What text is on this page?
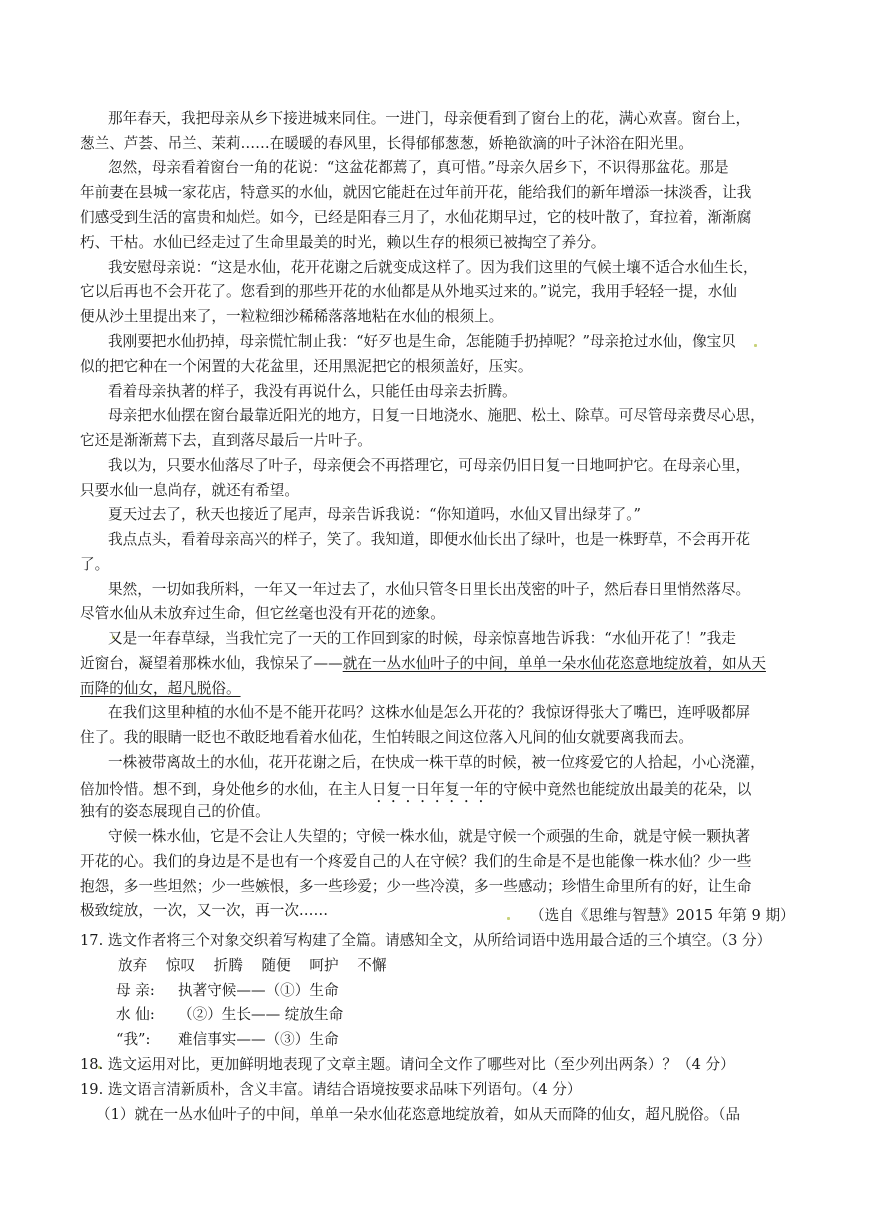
那年春天，我把母亲从乡下接进城来同住。一进门，母亲便看到了窗台上的花，满心欢喜。窗台上，
葱兰、芦荟、吊兰、茉莉……在暖暖的春风里，长得郁郁葱葱，娇艳欲滴的叶子沐浴在阳光里。
忽然，母亲看着窗台一角的花说：“这盆花都蔫了，真可惜。”母亲久居乡下，不识得那盆花。那是
年前妻在县城一家花店，特意买的水仙，就因它能赶在过年前开花，能给我们的新年增添一抹淡香，让我
们感受到生活的富贵和灿烂。如今，已经是阳春三月了，水仙花期早过，它的枝叶散了，耷拉着，渐渐腐
朽、干枯。水仙已经走过了生命里最美的时光，赖以生存的根须已被掏空了养分。
我安慰母亲说：“这是水仙，花开花谢之后就变成这样了。因为我们这里的气候土壤不适合水仙生长，
它以后再也不会开花了。您看到的那些开花的水仙都是从外地买过来的。”说完，我用手轻轻一提，水仙
便从沙土里提出来了，一粒粒细沙稀稀落落地粘在水仙的根须上。
我刚要把水仙扔掉，母亲慌忙制止我：“好歹也是生命，怎能随手扔掉呢？”母亲抢过水仙，像宝贝
似的把它种在一个闲置的大花盆里，还用黑泥把它的根须盖好，压实。
看着母亲执著的样子，我没有再说什么，只能任由母亲去折腾。
母亲把水仙摆在窗台最靠近阳光的地方，日复一日地浇水、施肥、松土、除草。可尽管母亲费尽心思，
它还是渐渐蔫下去，直到落尽最后一片叶子。
我以为，只要水仙落尽了叶子，母亲便会不再搭理它，可母亲仍旧日复一日地呵护它。在母亲心里，
只要水仙一息尚存，就还有希望。
夏天过去了，秋天也接近了尾声，母亲告诉我说：“你知道吗，水仙又冒出绿芽了。”
我点点头，看着母亲高兴的样子，笑了。我知道，即便水仙长出了绿叶，也是一株野草，不会再开花
了。
果然，一切如我所料，一年又一年过去了，水仙只管冬日里长出茂密的叶子，然后春日里悄然落尽。
尽管水仙从未放弃过生命，但它丝毫也没有开花的迹象。
又是一年春草绿，当我忙完了一天的工作回到家的时候，母亲惊喜地告诉我：“水仙开花了！”我走
近窗台，凝望着那株水仙，我惊呆了——就在一丛水仙叶子的中间，单单一朵水仙花恣意地绽放着，如从天
而降的仙女，超凡脱俗。
在我们这里种植的水仙不是不能开花吗？这株水仙是怎么开花的？我惊讶得张大了嘴巴，连呼吸都屏
住了。我的眼睛一眨也不敢眨地看着水仙花，生怕转眼之间这位落入凡间的仙女就要离我而去。
一株被带离故土的水仙，花开花谢之后，在快成一株干草的时候，被一位疼爱它的人拾起，小心浇灌，
倍加怜惜。想不到，身处他乡的水仙，在主人日复一日年复一年的守候中竟然也能绽放出最美的花朵，以
独有的姿态展现自己的价值。
守候一株水仙，它是不会让人失望的；守候一株水仙，就是守候一个顽强的生命，就是守候一颗执著
开花的心。我们的身边是不是也有一个疼爱自己的人在守候？我们的生命是不是也能像一株水仙？少一些
抱怨，多一些坦然；少一些嫉恨，多一些珍爱；少一些冷漠，多一些感动；珍惜生命里所有的好，让生命
极致绽放，一次，又一次，再一次……	（选自《思维与智慧》2015 年第 9 期）
17. 选文作者将三个对象交织着写构建了全篇。请感知全文，从所给词语中选用最合适的三个填空。（3 分）
放弃 惊叹 折腾 随便 呵护 不懈
母 亲: 执著守候——（①）生命
水 仙: （②）生长—— 绽放生命
“我”: 难信事实——（③）生命
18. 选文运用对比，更加鲜明地表现了文章主题。请问全文作了哪些对比（至少列出两条）？（4 分）
19. 选文语言清新质朴，含义丰富。请结合语境按要求品味下列语句。（4 分）
（1）就在一丛水仙叶子的中间，单单一朵水仙花恣意地绽放着，如从天而降的仙女，超凡脱俗。（品
